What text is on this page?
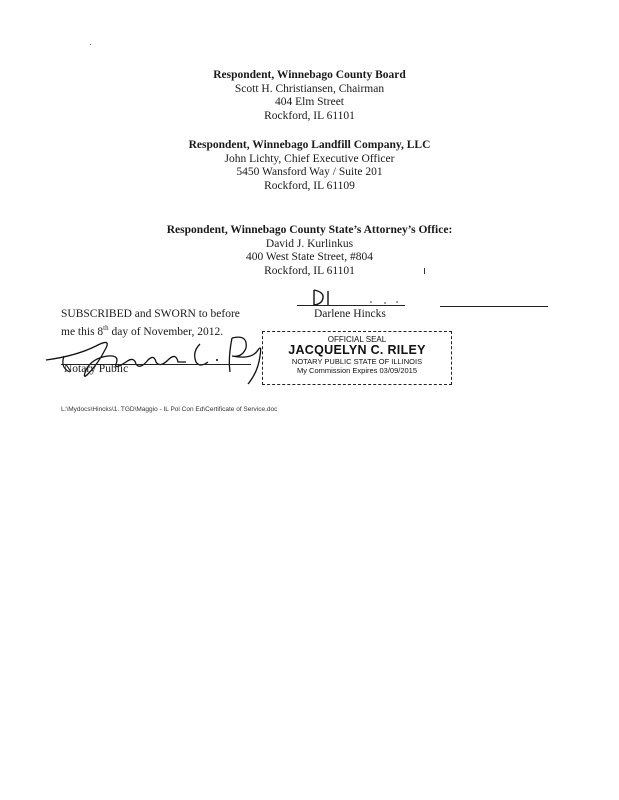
Respondent, Winnebago County Board
Scott H. Christiansen, Chairman
404 Elm Street
Rockford, IL 61101
Respondent, Winnebago Landfill Company, LLC
John Lichty, Chief Executive Officer
5450 Wansford Way / Suite 201
Rockford, IL 61109
Respondent, Winnebago County State’s Attorney’s Office:
David J. Kurlinkus
400 West State Street, #804
Rockford, IL 61101
Darlene Hincks
SUBSCRIBED and SWORN to before
me this 8th day of November, 2012.
Notary Public
OFFICIAL SEAL
JACQUELYN C. RILEY
NOTARY PUBLIC STATE OF ILLINOIS
My Commission Expires 03/09/2015
L:\Mydocs\Hincks\1. TGD\Maggio - IL Pol Con Ed\Certificate of Service.doc
